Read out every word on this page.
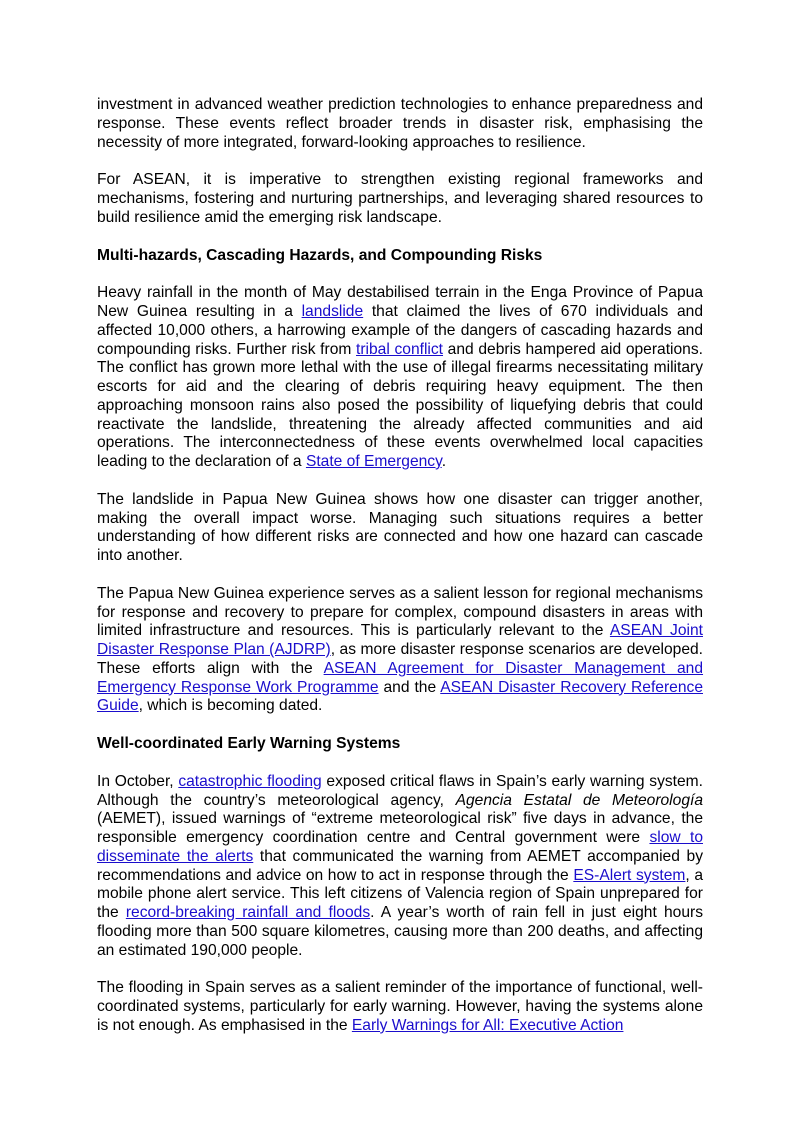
investment in advanced weather prediction technologies to enhance preparedness and response. These events reflect broader trends in disaster risk, emphasising the necessity of more integrated, forward-looking approaches to resilience.

For ASEAN, it is imperative to strengthen existing regional frameworks and mechanisms, fostering and nurturing partnerships, and leveraging shared resources to build resilience amid the emerging risk landscape.

Multi-hazards, Cascading Hazards, and Compounding Risks

Heavy rainfall in the month of May destabilised terrain in the Enga Province of Papua New Guinea resulting in a landslide that claimed the lives of 670 individuals and affected 10,000 others, a harrowing example of the dangers of cascading hazards and compounding risks. Further risk from tribal conflict and debris hampered aid operations. The conflict has grown more lethal with the use of illegal firearms necessitating military escorts for aid and the clearing of debris requiring heavy equipment. The then approaching monsoon rains also posed the possibility of liquefying debris that could reactivate the landslide, threatening the already affected communities and aid operations. The interconnectedness of these events overwhelmed local capacities leading to the declaration of a State of Emergency.

The landslide in Papua New Guinea shows how one disaster can trigger another, making the overall impact worse. Managing such situations requires a better understanding of how different risks are connected and how one hazard can cascade into another.

The Papua New Guinea experience serves as a salient lesson for regional mechanisms for response and recovery to prepare for complex, compound disasters in areas with limited infrastructure and resources. This is particularly relevant to the ASEAN Joint Disaster Response Plan (AJDRP), as more disaster response scenarios are developed. These efforts align with the ASEAN Agreement for Disaster Management and Emergency Response Work Programme and the ASEAN Disaster Recovery Reference Guide, which is becoming dated.

Well-coordinated Early Warning Systems

In October, catastrophic flooding exposed critical flaws in Spain’s early warning system. Although the country’s meteorological agency, Agencia Estatal de Meteorología (AEMET), issued warnings of “extreme meteorological risk” five days in advance, the responsible emergency coordination centre and Central government were slow to disseminate the alerts that communicated the warning from AEMET accompanied by recommendations and advice on how to act in response through the ES-Alert system, a mobile phone alert service. This left citizens of Valencia region of Spain unprepared for the record-breaking rainfall and floods. A year’s worth of rain fell in just eight hours flooding more than 500 square kilometres, causing more than 200 deaths, and affecting an estimated 190,000 people.

The flooding in Spain serves as a salient reminder of the importance of functional, well-coordinated systems, particularly for early warning. However, having the systems alone is not enough. As emphasised in the Early Warnings for All: Executive Action
